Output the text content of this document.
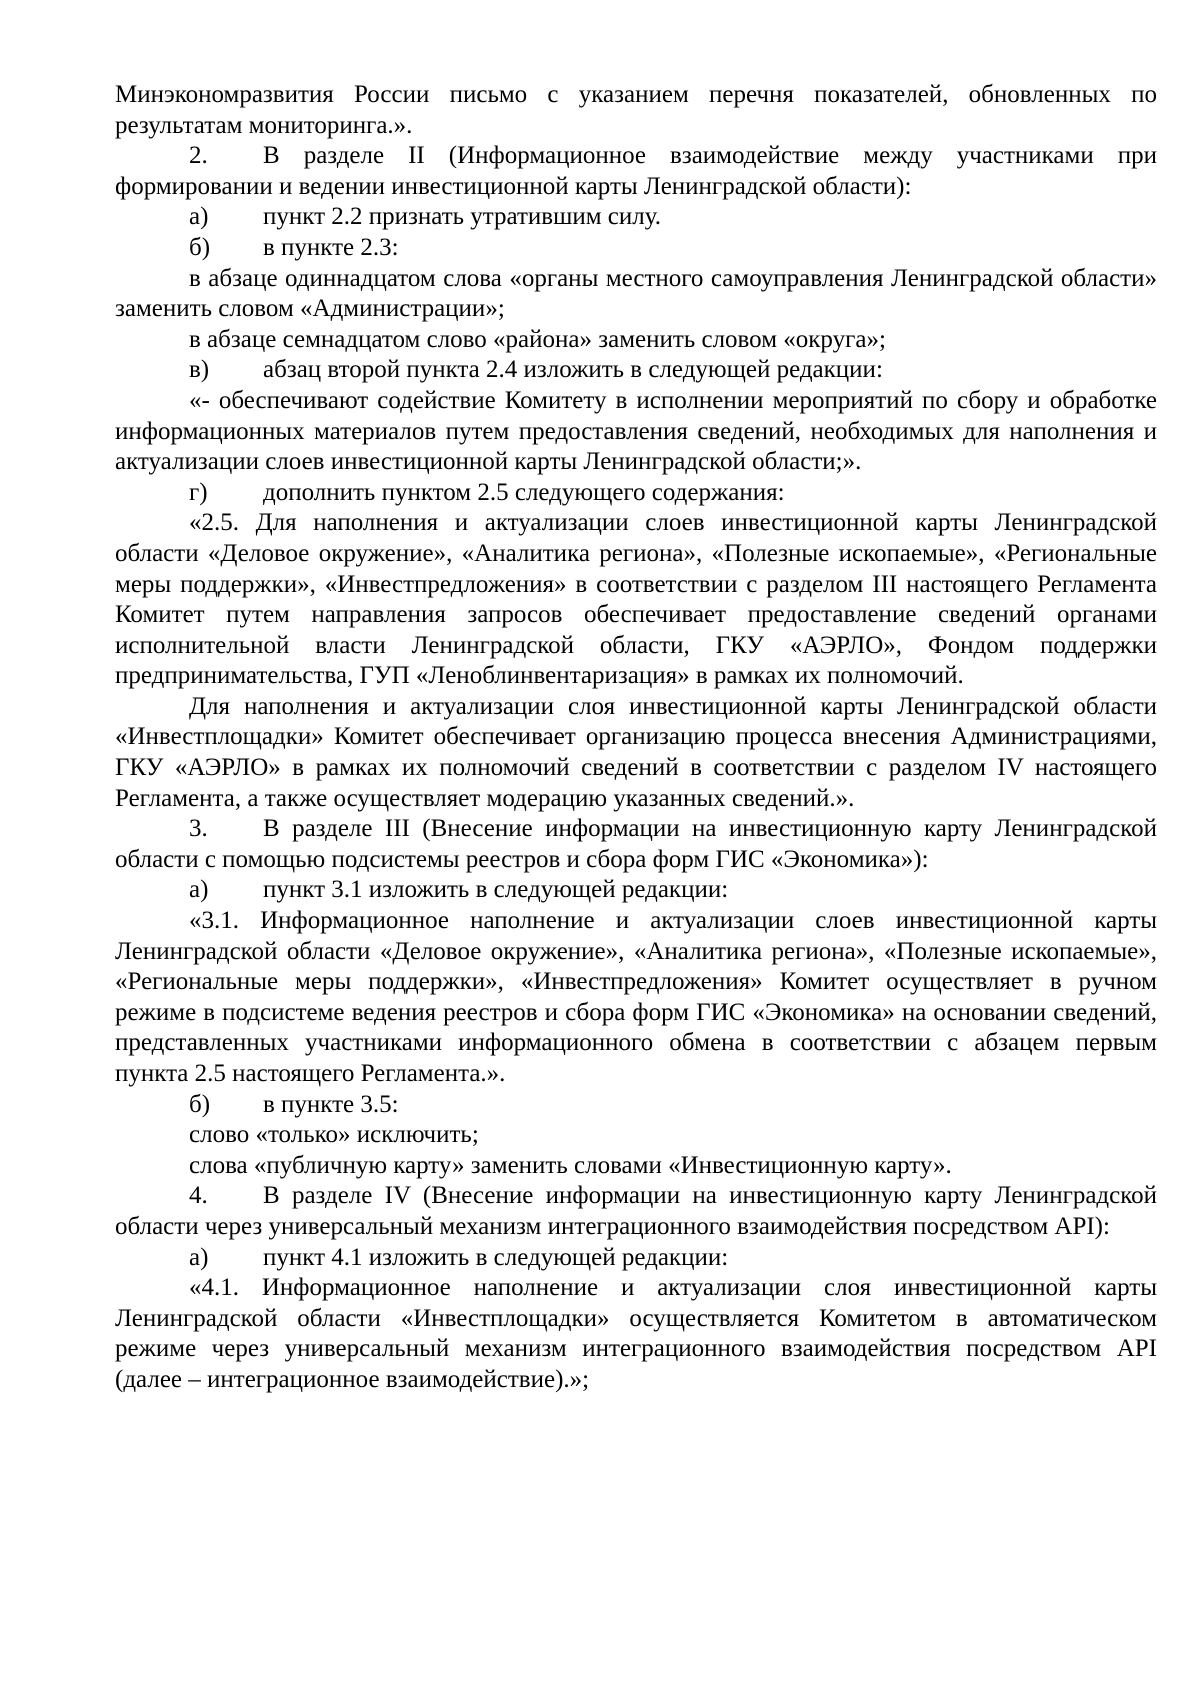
Минэкономразвития России письмо с указанием перечня показателей, обновленных по результатам мониторинга.».

2. В разделе II (Информационное взаимодействие между участниками при формировании и ведении инвестиционной карты Ленинградской области):

а) пункт 2.2 признать утратившим силу.

б) в пункте 2.3:

в абзаце одиннадцатом слова «органы местного самоуправления Ленинградской области» заменить словом «Администрации»;

в абзаце семнадцатом слово «района» заменить словом «округа»;

в) абзац второй пункта 2.4 изложить в следующей редакции:

«- обеспечивают содействие Комитету в исполнении мероприятий по сбору и обработке информационных материалов путем предоставления сведений, необходимых для наполнения и актуализации слоев инвестиционной карты Ленинградской области;».

г) дополнить пунктом 2.5 следующего содержания:

«2.5. Для наполнения и актуализации слоев инвестиционной карты Ленинградской области «Деловое окружение», «Аналитика региона», «Полезные ископаемые», «Региональные меры поддержки», «Инвестпредложения» в соответствии с разделом III настоящего Регламента Комитет путем направления запросов обеспечивает предоставление сведений органами исполнительной власти Ленинградской области, ГКУ «АЭРЛО», Фондом поддержки предпринимательства, ГУП «Леноблинвентаризация» в рамках их полномочий.

Для наполнения и актуализации слоя инвестиционной карты Ленинградской области «Инвестплощадки» Комитет обеспечивает организацию процесса внесения Администрациями, ГКУ «АЭРЛО» в рамках их полномочий сведений в соответствии с разделом IV настоящего Регламента, а также осуществляет модерацию указанных сведений.».

3. В разделе III (Внесение информации на инвестиционную карту Ленинградской области с помощью подсистемы реестров и сбора форм ГИС «Экономика»):

а) пункт 3.1 изложить в следующей редакции:

«3.1. Информационное наполнение и актуализации слоев инвестиционной карты Ленинградской области «Деловое окружение», «Аналитика региона», «Полезные ископаемые», «Региональные меры поддержки», «Инвестпредложения» Комитет осуществляет в ручном режиме в подсистеме ведения реестров и сбора форм ГИС «Экономика» на основании сведений, представленных участниками информационного обмена в соответствии с абзацем первым пункта 2.5 настоящего Регламента.».

б) в пункте 3.5:

слово «только» исключить;

слова «публичную карту» заменить словами «Инвестиционную карту».

4. В разделе IV (Внесение информации на инвестиционную карту Ленинградской области через универсальный механизм интеграционного взаимодействия посредством API):

а) пункт 4.1 изложить в следующей редакции:

«4.1. Информационное наполнение и актуализации слоя инвестиционной карты Ленинградской области «Инвестплощадки» осуществляется Комитетом в автоматическом режиме через универсальный механизм интеграционного взаимодействия посредством API (далее – интеграционное взаимодействие).»;
